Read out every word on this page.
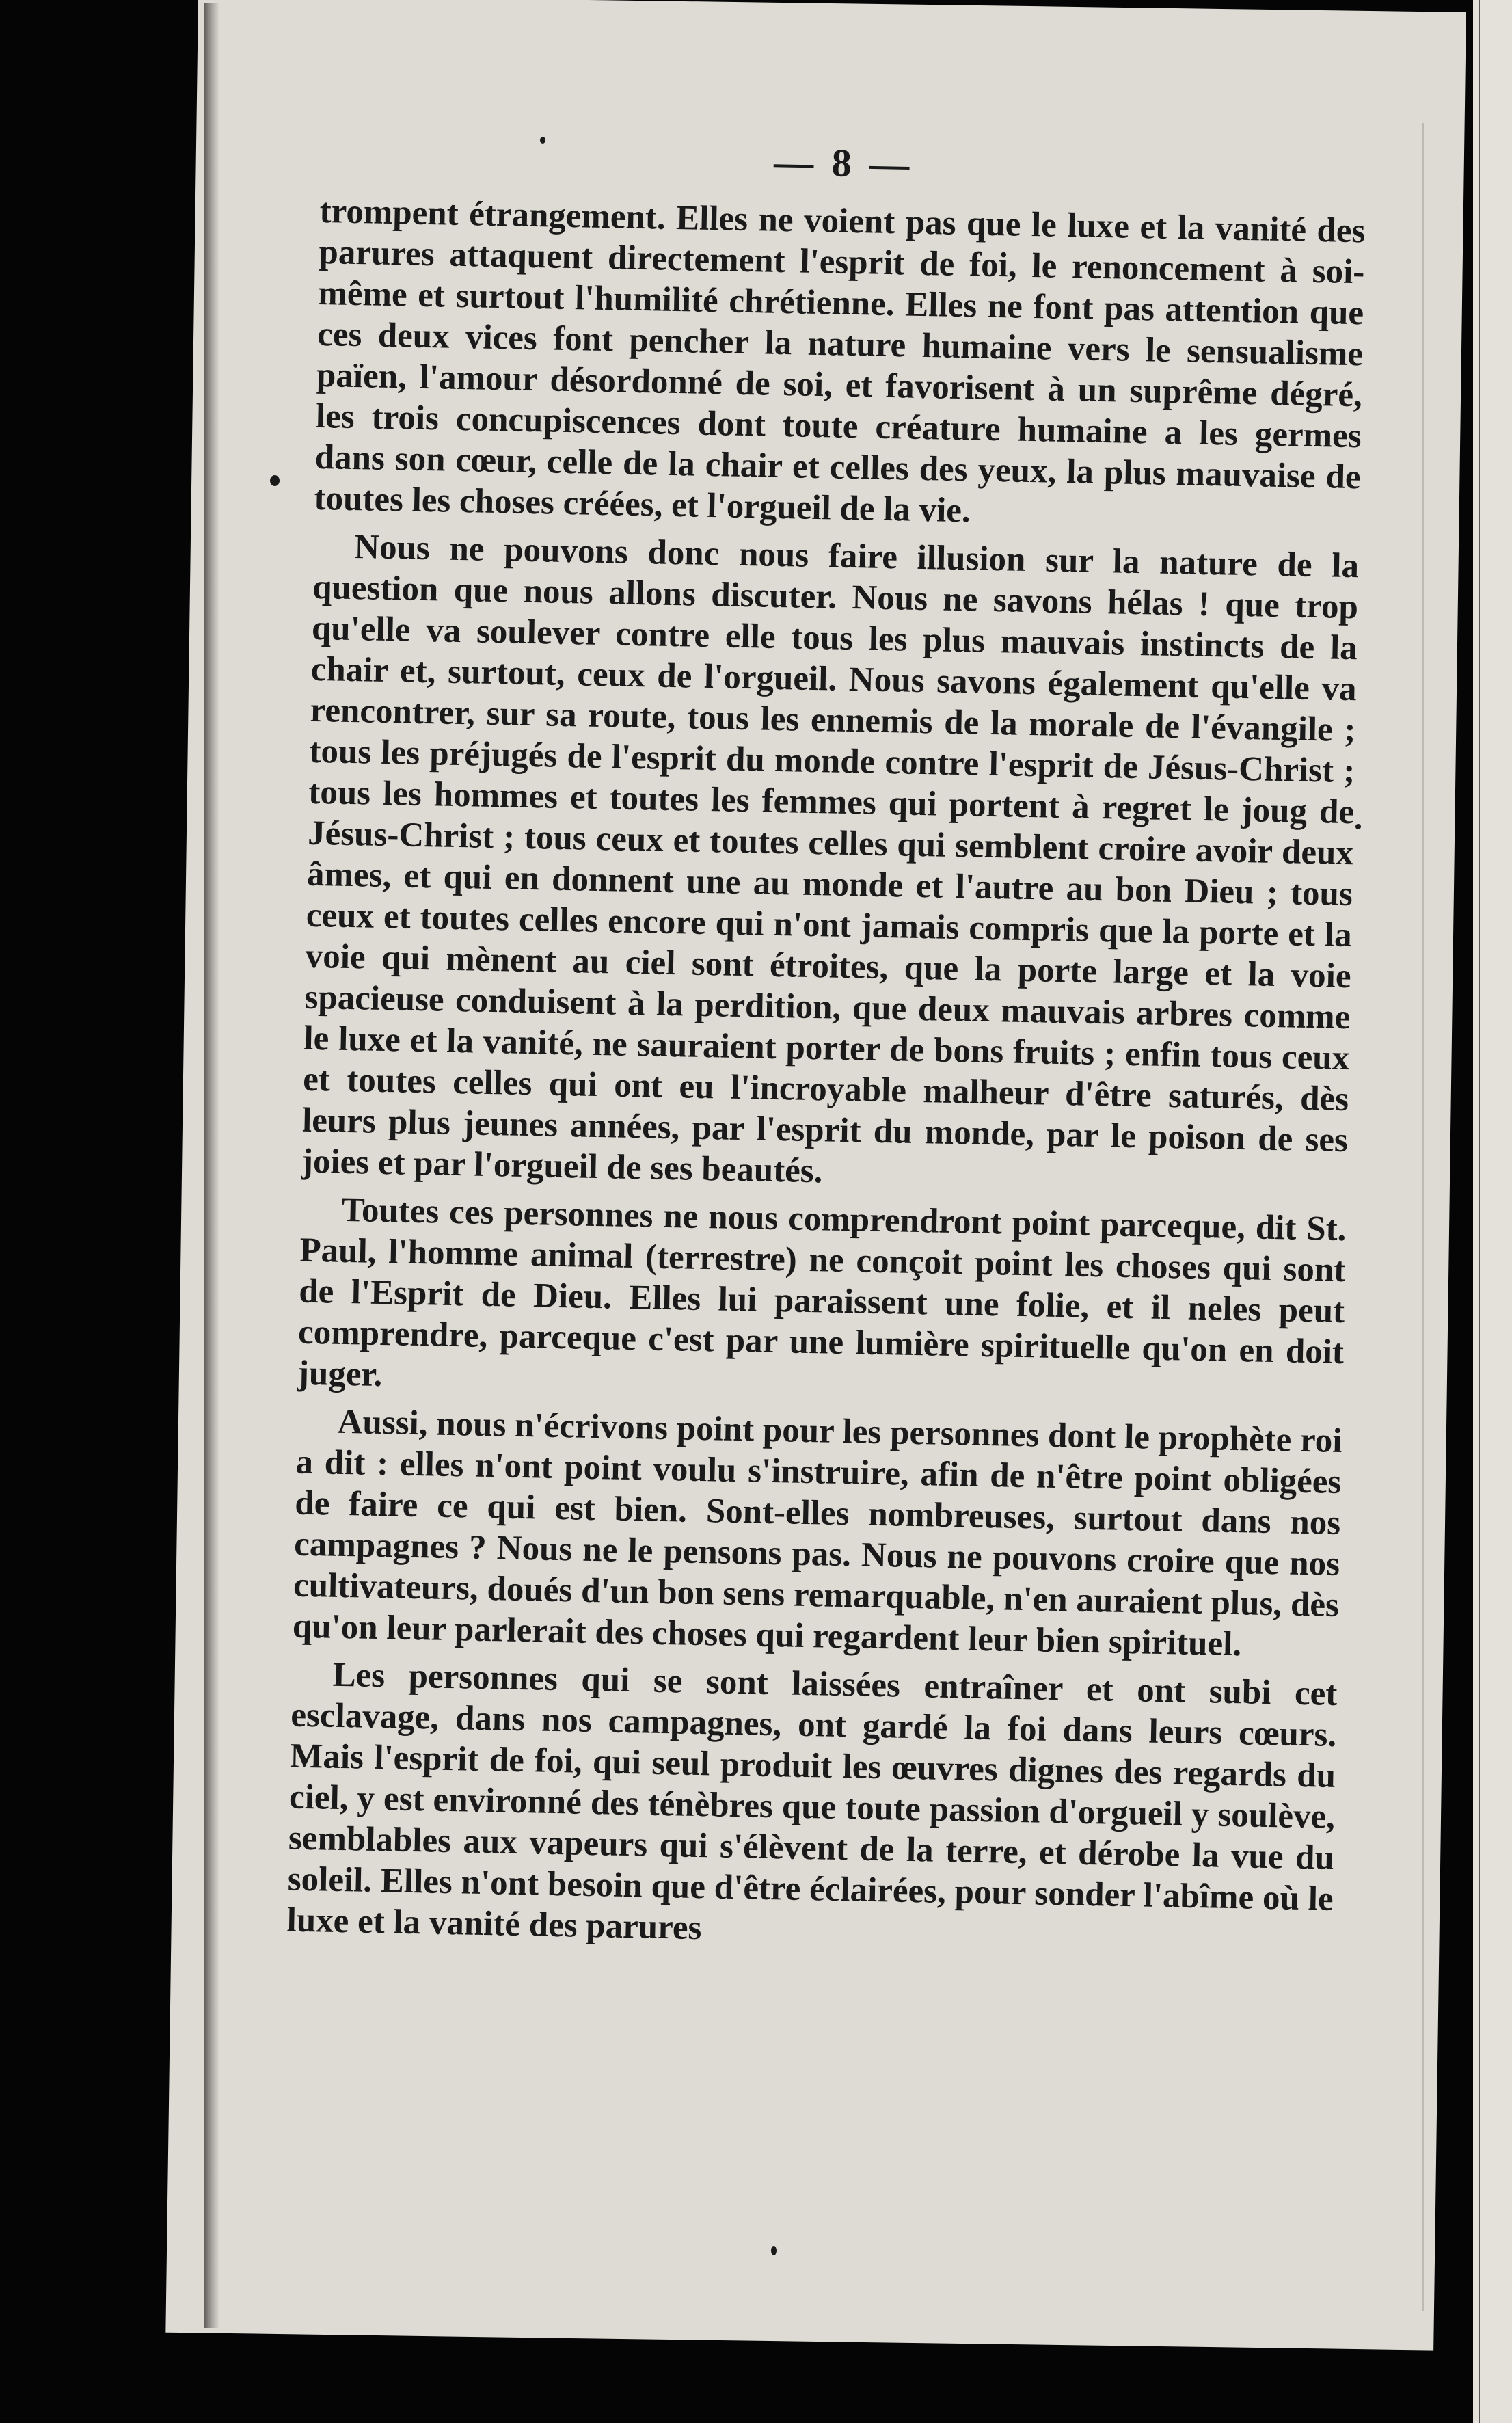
— 8 —

trompent étrangement. Elles ne voient pas que le luxe et la vanité des parures attaquent directement l'esprit de foi, le renoncement à soi-même et surtout l'humilité chrétienne. Elles ne font pas attention que ces deux vices font pencher la nature humaine vers le sensualisme païen, l'amour désordonné de soi, et favorisent à un suprême dégré, les trois concupiscences dont toute créature humaine a les germes dans son cœur, celle de la chair et celles des yeux, la plus mauvaise de toutes les choses créées, et l'orgueil de la vie.

Nous ne pouvons donc nous faire illusion sur la nature de la question que nous allons discuter. Nous ne savons hélas ! que trop qu'elle va soulever contre elle tous les plus mauvais instincts de la chair et, surtout, ceux de l'orgueil. Nous savons également qu'elle va rencontrer, sur sa route, tous les ennemis de la morale de l'évangile ; tous les préjugés de l'esprit du monde contre l'esprit de Jésus-Christ ; tous les hommes et toutes les femmes qui portent à regret le joug de Jésus-Christ ; tous ceux et toutes celles qui semblent croire avoir deux âmes, et qui en donnent une au monde et l'autre au bon Dieu ; tous ceux et toutes celles encore qui n'ont jamais compris que la porte et la voie qui mènent au ciel sont étroites, que la porte large et la voie spacieuse conduisent à la perdition, que deux mauvais arbres comme le luxe et la vanité, ne sauraient porter de bons fruits ; enfin tous ceux et toutes celles qui ont eu l'incroyable malheur d'être saturés, dès leurs plus jeunes années, par l'esprit du monde, par le poison de ses joies et par l'orgueil de ses beautés.

Toutes ces personnes ne nous comprendront point parceque, dit St. Paul, l'homme animal (terrestre) ne conçoit point les choses qui sont de l'Esprit de Dieu. Elles lui paraissent une folie, et il neles peut comprendre, parceque c'est par une lumière spirituelle qu'on en doit juger.

Aussi, nous n'écrivons point pour les personnes dont le prophète roi a dit : elles n'ont point voulu s'instruire, afin de n'être point obligées de faire ce qui est bien. Sont-elles nombreuses, surtout dans nos campagnes ? Nous ne le pensons pas. Nous ne pouvons croire que nos cultivateurs, doués d'un bon sens remarquable, n'en auraient plus, dès qu'on leur parlerait des choses qui regardent leur bien spirituel.

Les personnes qui se sont laissées entraîner et ont subi cet esclavage, dans nos campagnes, ont gardé la foi dans leurs cœurs. Mais l'esprit de foi, qui seul produit les œuvres dignes des regards du ciel, y est environné des ténèbres que toute passion d'orgueil y soulève, semblables aux vapeurs qui s'élèvent de la terre, et dérobe la vue du soleil. Elles n'ont besoin que d'être éclairées, pour sonder l'abîme où le luxe et la vanité des parures
